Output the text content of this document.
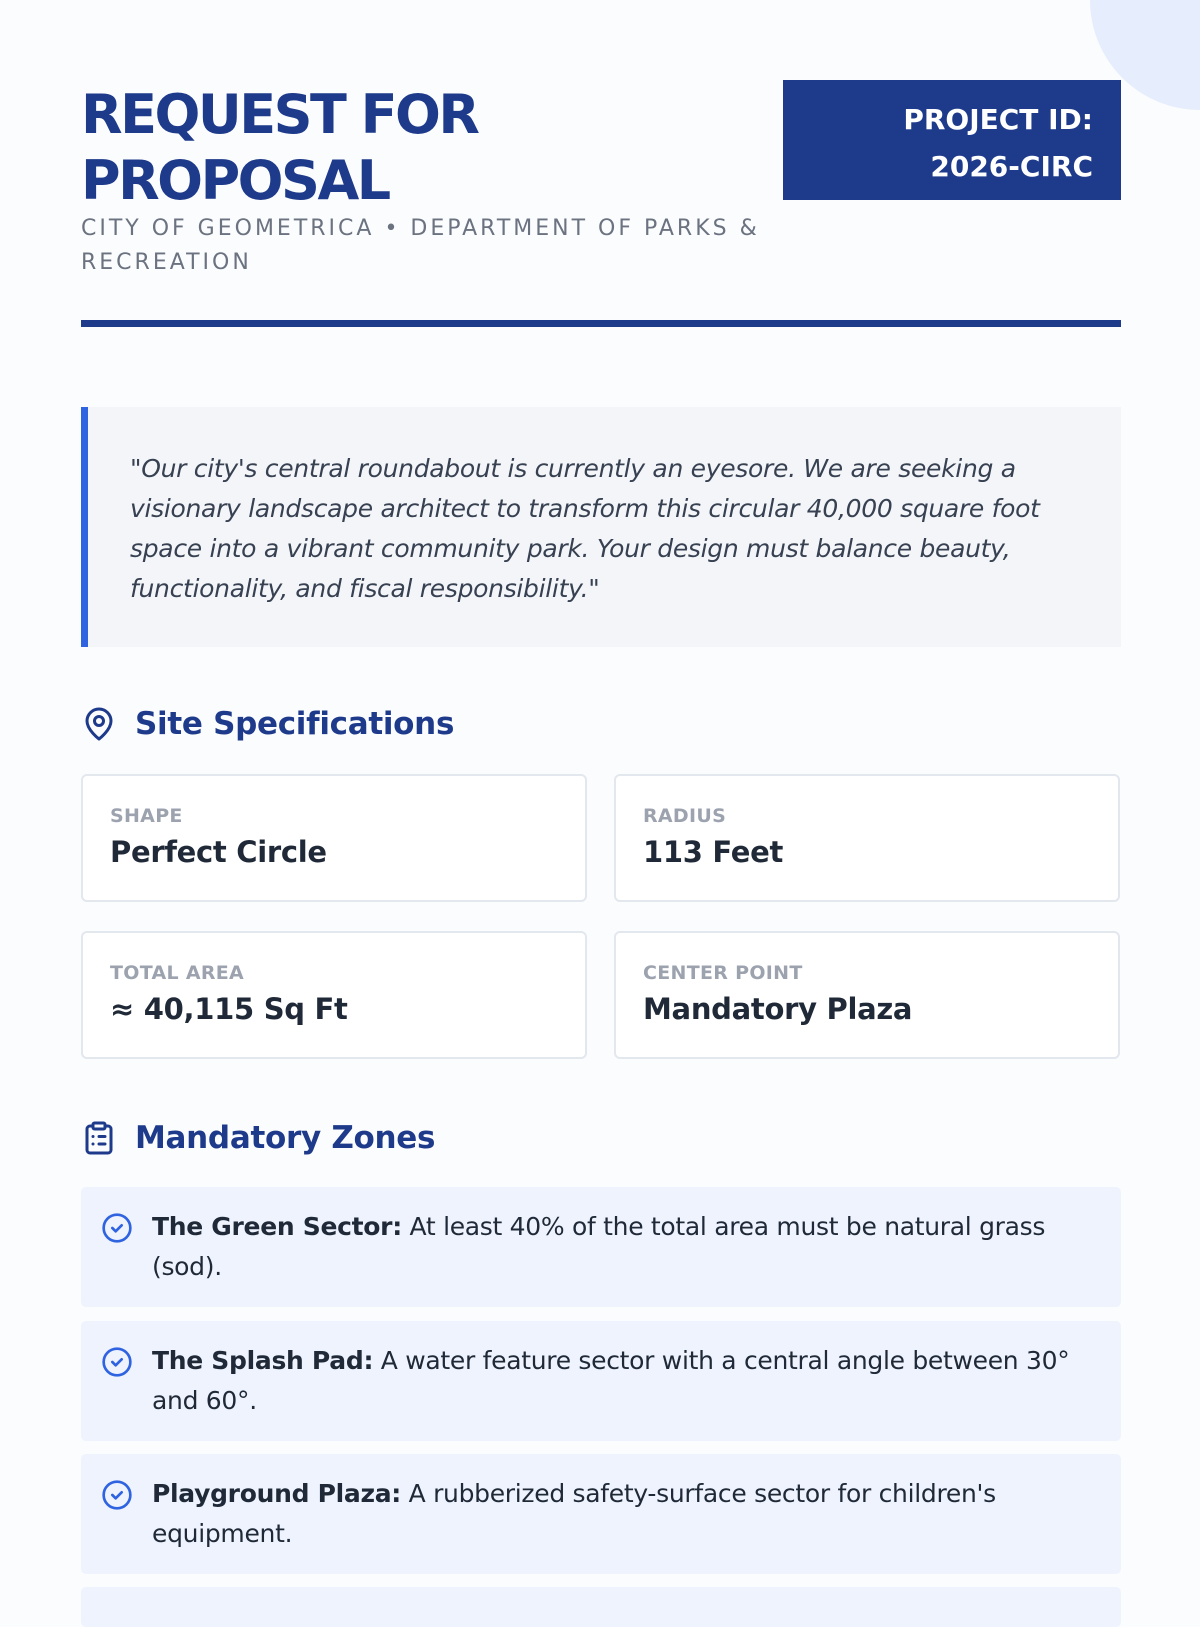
REQUEST FOR PROPOSAL
CITY OF GEOMETRICA • DEPARTMENT OF PARKS & RECREATION
PROJECT ID:
2026-CIRC
"Our city's central roundabout is currently an eyesore. We are seeking a visionary landscape architect to transform this circular 40,000 square foot space into a vibrant community park. Your design must balance beauty, functionality, and fiscal responsibility."
Site Specifications
SHAPE
Perfect Circle
RADIUS
113 Feet
TOTAL AREA
≈ 40,115 Sq Ft
CENTER POINT
Mandatory Plaza
Mandatory Zones
The Green Sector: At least 40% of the total area must be natural grass (sod).
The Splash Pad: A water feature sector with a central angle between 30° and 60°.
Playground Plaza: A rubberized safety-surface sector for children's equipment.
